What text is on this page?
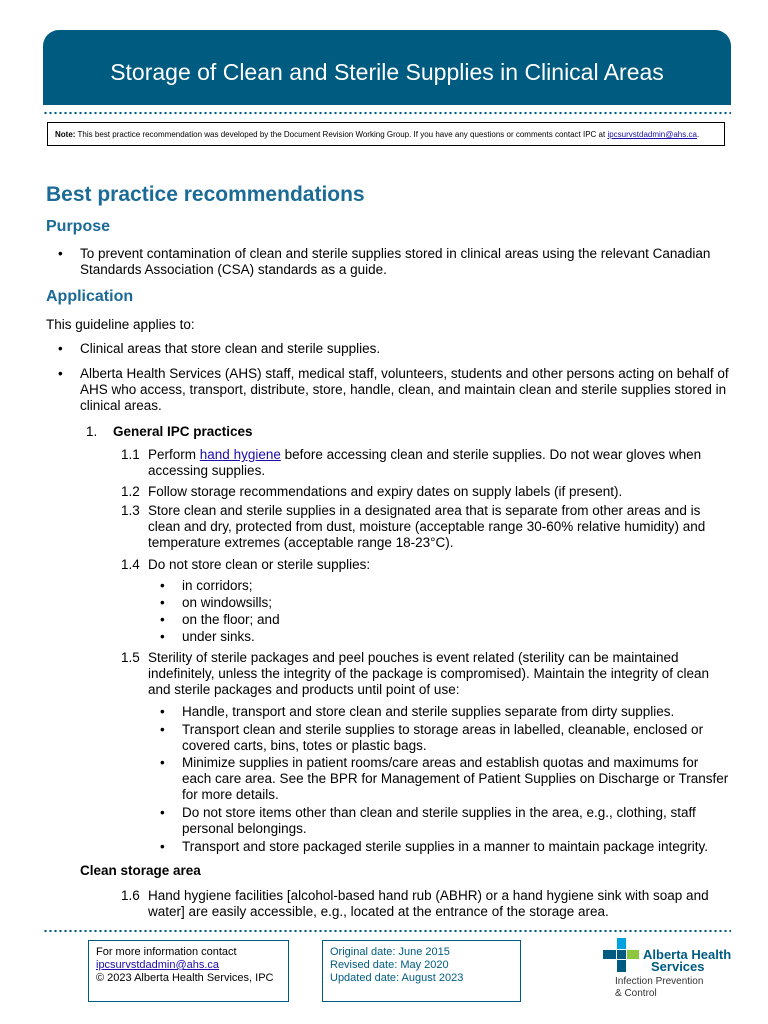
Storage of Clean and Sterile Supplies in Clinical Areas
Note: This best practice recommendation was developed by the Document Revision Working Group. If you have any questions or comments contact IPC at ipcsurvstdadmin@ahs.ca.
Best practice recommendations
Purpose
• To prevent contamination of clean and sterile supplies stored in clinical areas using the relevant Canadian Standards Association (CSA) standards as a guide.
Application
This guideline applies to:
• Clinical areas that store clean and sterile supplies.
• Alberta Health Services (AHS) staff, medical staff, volunteers, students and other persons acting on behalf of AHS who access, transport, distribute, store, handle, clean, and maintain clean and sterile supplies stored in clinical areas.
1. General IPC practices
1.1 Perform hand hygiene before accessing clean and sterile supplies. Do not wear gloves when accessing supplies.
1.2 Follow storage recommendations and expiry dates on supply labels (if present).
1.3 Store clean and sterile supplies in a designated area that is separate from other areas and is clean and dry, protected from dust, moisture (acceptable range 30-60% relative humidity) and temperature extremes (acceptable range 18-23°C).
1.4 Do not store clean or sterile supplies:
• in corridors;
• on windowsills;
• on the floor; and
• under sinks.
1.5 Sterility of sterile packages and peel pouches is event related (sterility can be maintained indefinitely, unless the integrity of the package is compromised). Maintain the integrity of clean and sterile packages and products until point of use:
• Handle, transport and store clean and sterile supplies separate from dirty supplies.
• Transport clean and sterile supplies to storage areas in labelled, cleanable, enclosed or covered carts, bins, totes or plastic bags.
• Minimize supplies in patient rooms/care areas and establish quotas and maximums for each care area. See the BPR for Management of Patient Supplies on Discharge or Transfer for more details.
• Do not store items other than clean and sterile supplies in the area, e.g., clothing, staff personal belongings.
• Transport and store packaged sterile supplies in a manner to maintain package integrity.
Clean storage area
1.6 Hand hygiene facilities [alcohol-based hand rub (ABHR) or a hand hygiene sink with soap and water] are easily accessible, e.g., located at the entrance of the storage area.
For more information contact
ipcsurvstdadmin@ahs.ca
© 2023 Alberta Health Services, IPC
Original date: June 2015
Revised date: May 2020
Updated date: August 2023
Alberta Health
Services
Infection Prevention
& Control
